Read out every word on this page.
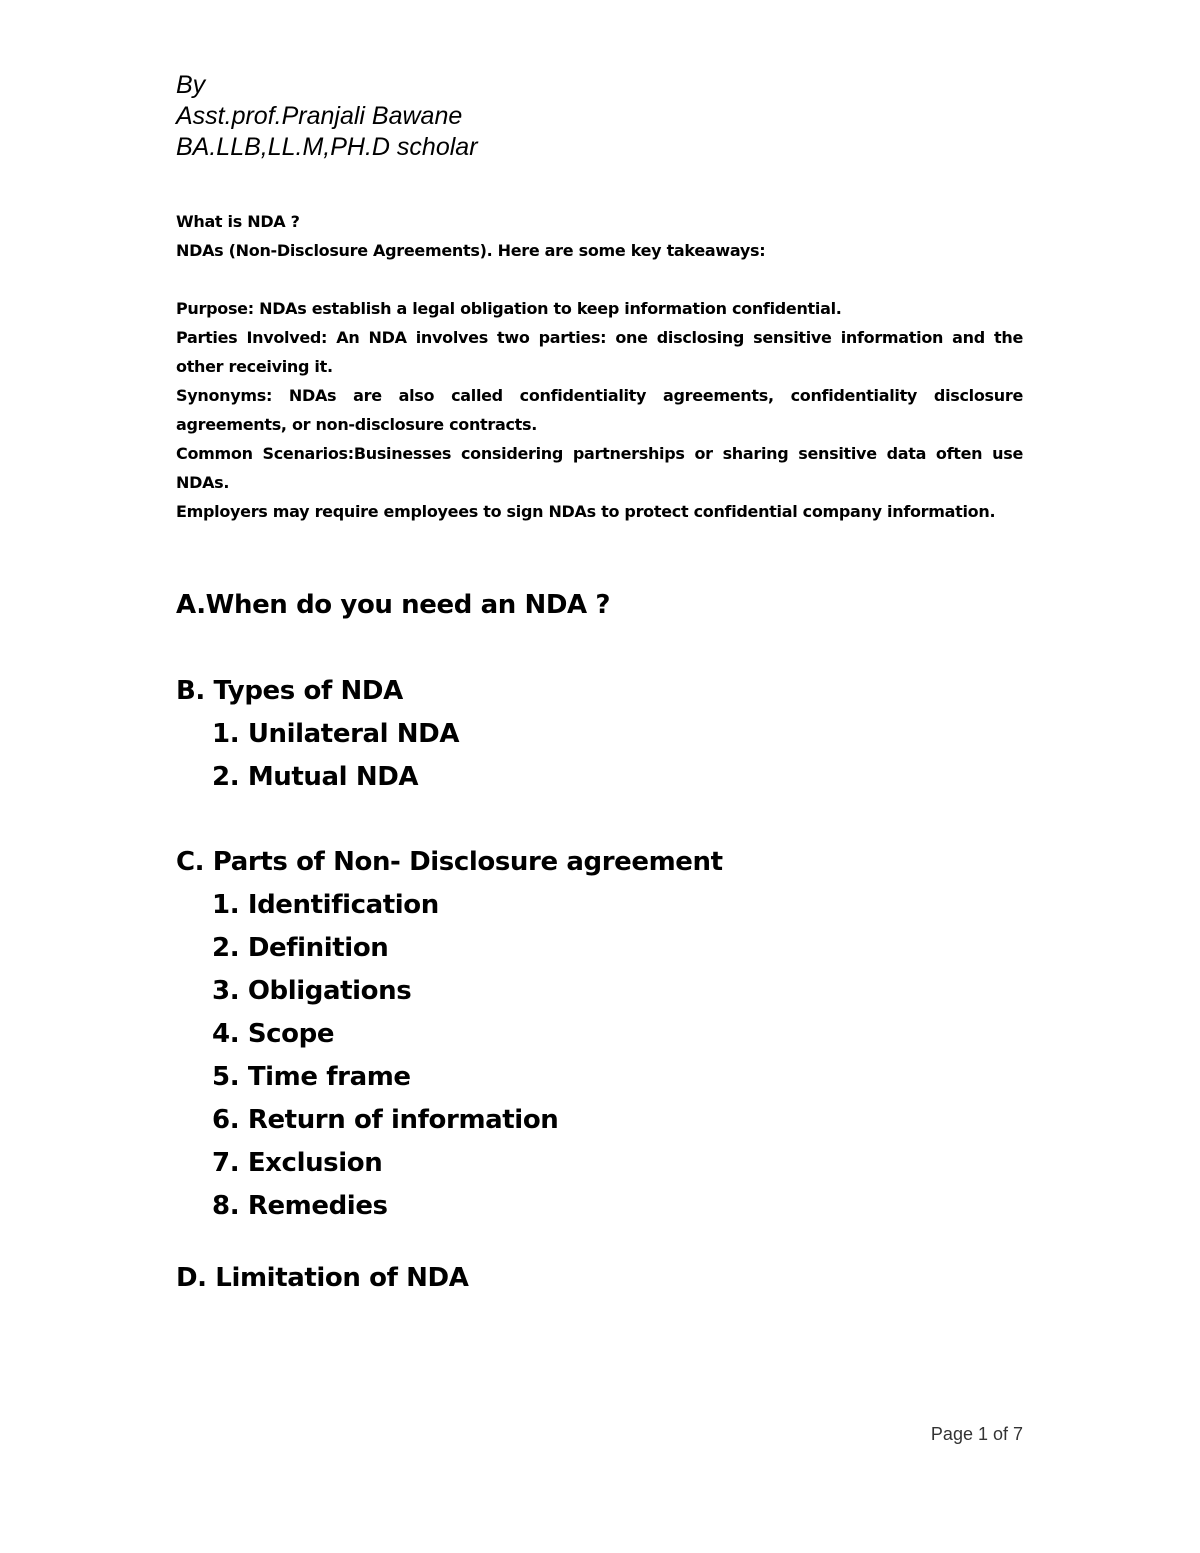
By
Asst.prof.Pranjali Bawane
BA.LLB,LL.M,PH.D scholar

What is NDA ?

NDAs (Non-Disclosure Agreements). Here are some key takeaways:

Purpose: NDAs establish a legal obligation to keep information confidential.

Parties Involved: An NDA involves two parties: one disclosing sensitive information and the other receiving it.

Synonyms: NDAs are also called confidentiality agreements, confidentiality disclosure agreements, or non-disclosure contracts.

Common Scenarios:Businesses considering partnerships or sharing sensitive data often use NDAs.

Employers may require employees to sign NDAs to protect confidential company information.

A.When do you need an NDA ?
B. Types of NDA
1. Unilateral NDA
2. Mutual NDA
C. Parts of Non- Disclosure agreement
1. Identification
2. Definition
3. Obligations
4. Scope
5. Time frame
6. Return of information
7. Exclusion
8. Remedies
D. Limitation of NDA
Page 1 of 7
